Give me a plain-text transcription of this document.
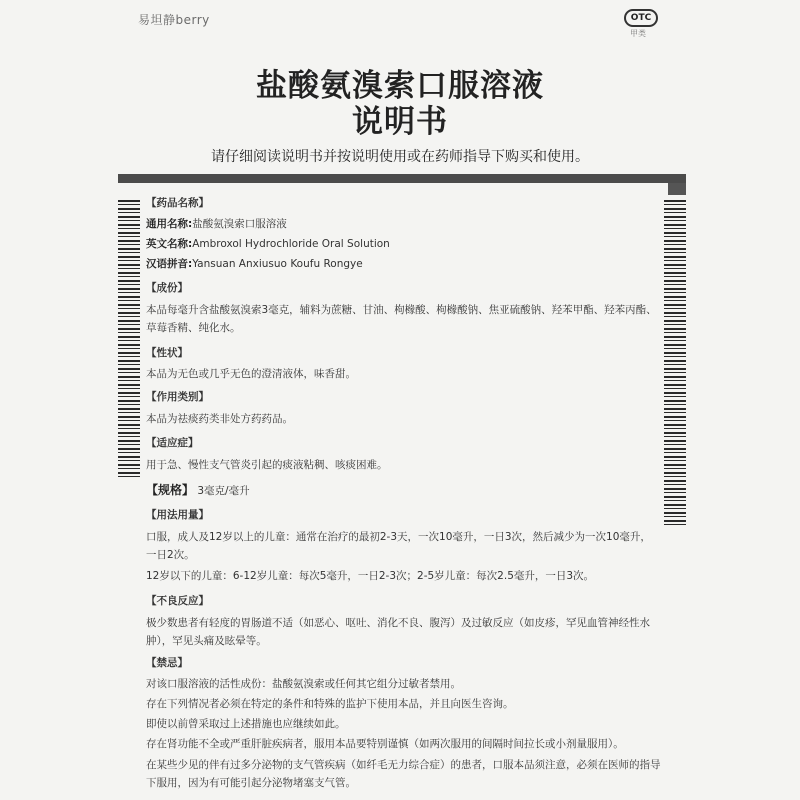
易坦静berry	OTC
甲类
盐酸氨溴索口服溶液
说明书
请仔细阅读说明书并按说明使用或在药师指导下购买和使用。
【药品名称】
通用名称:盐酸氨溴索口服溶液
英文名称:Ambroxol Hydrochloride Oral Solution
汉语拼音:Yansuan Anxiusuo Koufu Rongye
【成份】
本品每毫升含盐酸氨溴索3毫克，辅料为蔗糖、甘油、枸橼酸、枸橼酸钠、焦亚硫酸钠、羟苯甲酯、羟苯丙酯、草莓香精、纯化水。
【性状】
本品为无色或几乎无色的澄清液体，味香甜。
【作用类别】
本品为祛痰药类非处方药药品。
【适应症】
用于急、慢性支气管炎引起的痰液粘稠、咳痰困难。
【规格】 3毫克/毫升
【用法用量】
口服，成人及12岁以上的儿童：通常在治疗的最初2-3天，一次10毫升，一日3次，然后减少为一次10毫升，一日2次。
12岁以下的儿童：6-12岁儿童：每次5毫升，一日2-3次；2-5岁儿童：每次2.5毫升，一日3次。
【不良反应】
极少数患者有轻度的胃肠道不适（如恶心、呕吐、消化不良、腹泻）及过敏反应（如皮疹，罕见血管神经性水肿），罕见头痛及眩晕等。
【禁忌】
对该口服溶液的活性成份：盐酸氨溴索或任何其它组分过敏者禁用。
存在下列情况者必须在特定的条件和特殊的监护下使用本品，并且向医生咨询。
即使以前曾采取过上述措施也应继续如此。
存在肾功能不全或严重肝脏疾病者，服用本品要特别谨慎（如两次服用的间隔时间拉长或小剂量服用）。
在某些少见的伴有过多分泌物的支气管疾病（如纤毛无力综合症）的患者，口服本品须注意，必须在医师的指导下服用，因为有可能引起分泌物堵塞支气管。
